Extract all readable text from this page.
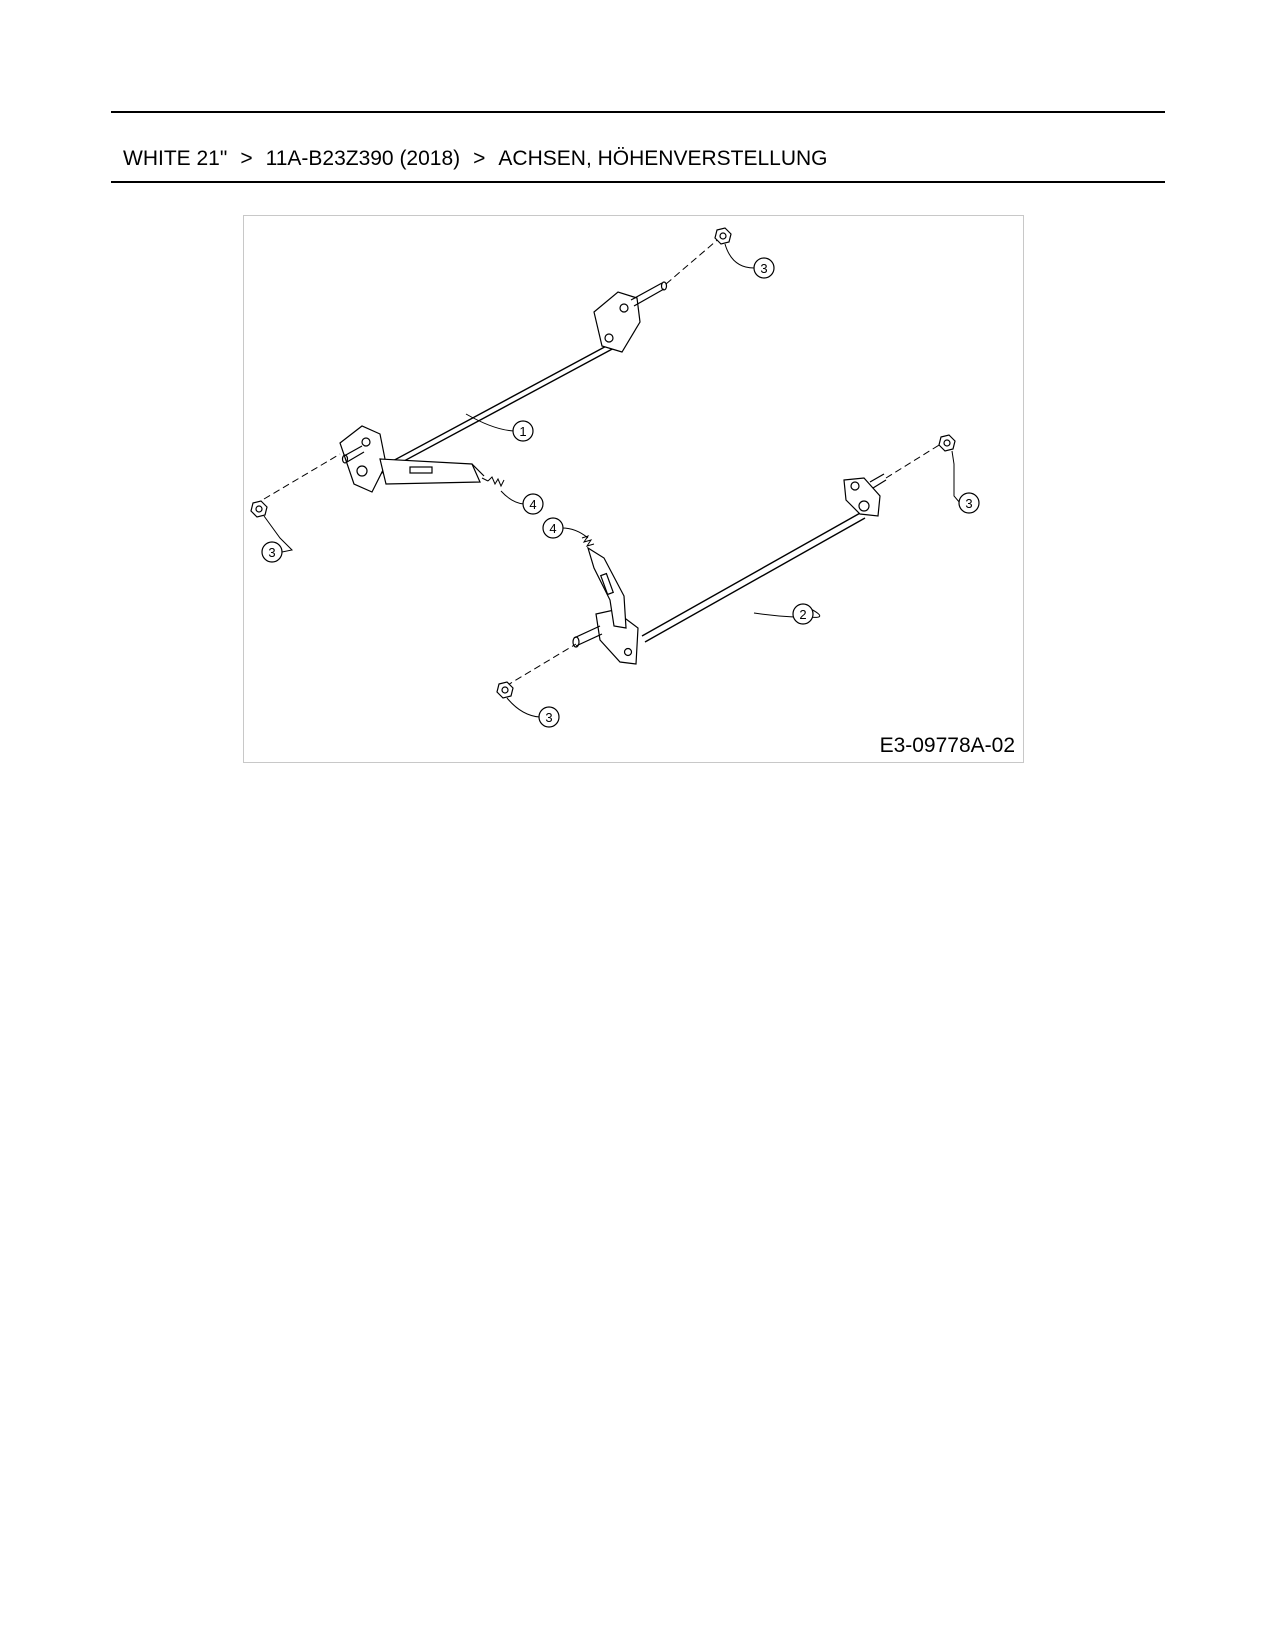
WHITE 21" > 11A-B23Z390 (2018) > ACHSEN, HÖHENVERSTELLUNG
1
2
3
3
3
3
4
4
E3-09778A-02
